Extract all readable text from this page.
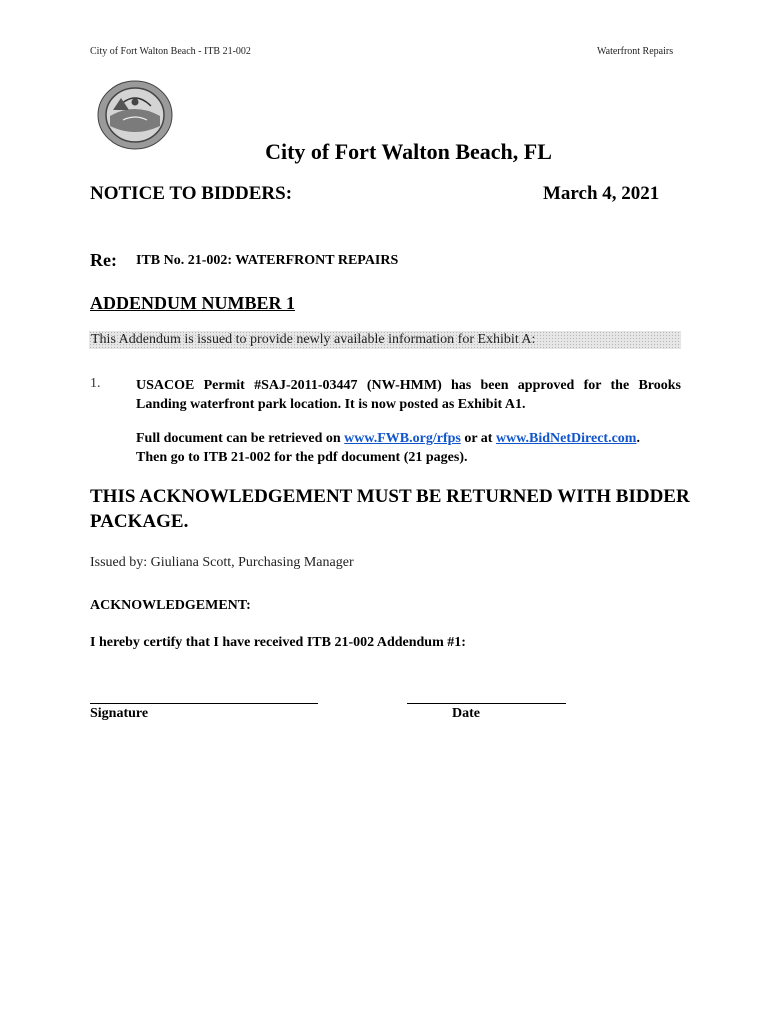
City of Fort Walton Beach - ITB 21-002	Waterfront Repairs
City of Fort Walton Beach, FL
NOTICE TO BIDDERS:	March 4, 2021
Re: ITB No. 21-002: WATERFRONT REPAIRS
ADDENDUM NUMBER 1
This Addendum is issued to provide newly available information for Exhibit A:
1.	USACOE Permit #SAJ-2011-03447 (NW-HMM) has been approved for the Brooks Landing waterfront park location. It is now posted as Exhibit A1.
Full document can be retrieved on www.FWB.org/rfps or at www.BidNetDirect.com.
Then go to ITB 21-002 for the pdf document (21 pages).
THIS ACKNOWLEDGEMENT MUST BE RETURNED WITH BIDDER PACKAGE.
Issued by: Giuliana Scott, Purchasing Manager
ACKNOWLEDGEMENT:
I hereby certify that I have received ITB 21-002 Addendum #1:
Signature	Date
